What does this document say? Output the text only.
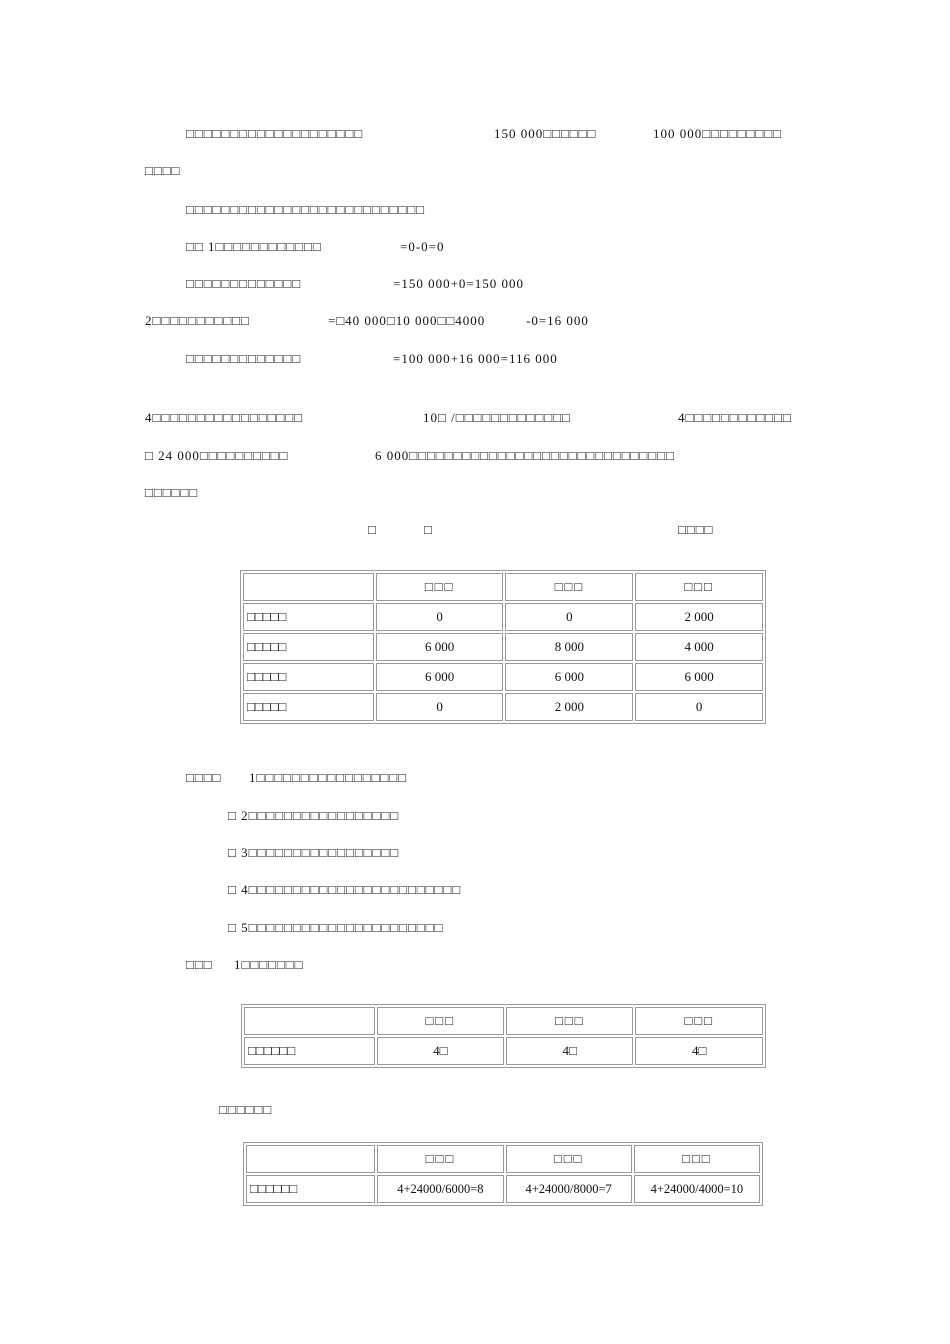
□□□□□□□□□□□□□□□□□□□□	150 000□□□□□□	100 000□□□□□□□□□
□□□□
□□□□□□□□□□□□□□□□□□□□□□□□□□□
□□ 1□□□□□□□□□□□□	=0-0=0
□□□□□□□□□□□□□	=150 000+0=150 000
2□□□□□□□□□□□	=□40 000□10 000□□4000	-0=16 000
□□□□□□□□□□□□□	=100 000+16 000=116 000
4□□□□□□□□□□□□□□□□□	10□ /□□□□□□□□□□□□□	4□□□□□□□□□□□□
□ 24 000□□□□□□□□□□	6 000□□□□□□□□□□□□□□□□□□□□□□□□□□□□□□
□□□□□□
□	□	□□□□
	□□□	□□□	□□□
□□□□□	0	0	2 000
□□□□□	6 000	8 000	4 000
□□□□□	6 000	6 000	6 000
□□□□□	0	2 000	0
□□□□ 1□□□□□□□□□□□□□□□□□
□ 2□□□□□□□□□□□□□□□□□
□ 3□□□□□□□□□□□□□□□□□
□ 4□□□□□□□□□□□□□□□□□□□□□□□□
□ 5□□□□□□□□□□□□□□□□□□□□□□
□□□ 1□□□□□□□
	□□□	□□□	□□□
□□□□□□	4□	4□	4□
□□□□□□
	□□□	□□□	□□□
□□□□□□	4+24000/6000=8	4+24000/8000=7	4+24000/4000=10
